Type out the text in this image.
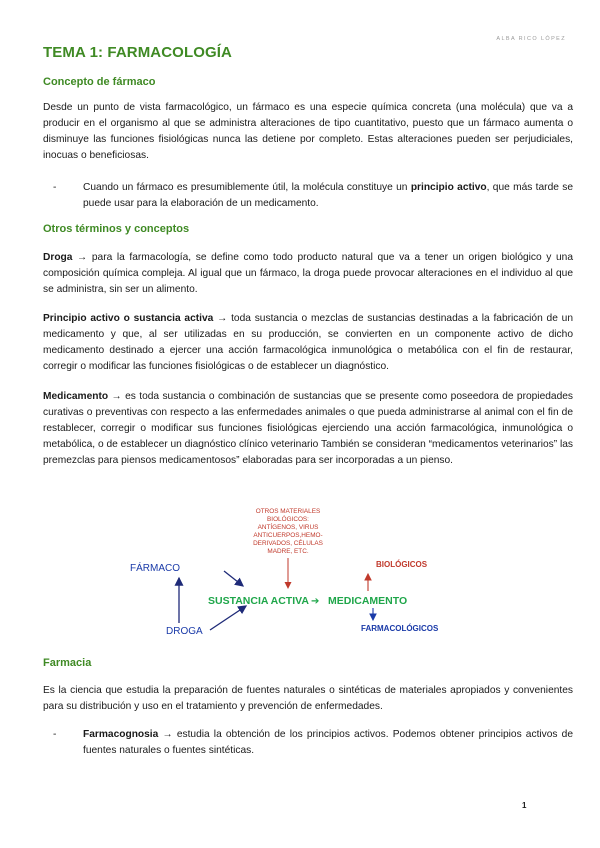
ALBA RICO LÓPEZ
TEMA 1: FARMACOLOGÍA
Concepto de fármaco

Desde un punto de vista farmacológico, un fármaco es una especie química concreta (una molécula) que va a producir en el organismo al que se administra alteraciones de tipo cuantitativo, puesto que un fármaco aumenta o disminuye las funciones fisiológicas nunca las detiene por completo. Estas alteraciones pueden ser perjudiciales, inocuas o beneficiosas.

-	Cuando un fármaco es presumiblemente útil, la molécula constituye un principio activo, que más tarde se puede usar para la elaboración de un medicamento.
Otros términos y conceptos

Droga → para la farmacología, se define como todo producto natural que va a tener un origen biológico y una composición química compleja. Al igual que un fármaco, la droga puede provocar alteraciones en el individuo al que se administra, sin ser un alimento.

Principio activo o sustancia activa → toda sustancia o mezclas de sustancias destinadas a la fabricación de un medicamento y que, al ser utilizadas en su producción, se convierten en un componente activo de dicho medicamento destinado a ejercer una acción farmacológica inmunológica o metabólica con el fin de restaurar, corregir o modificar las funciones fisiológicas o de establecer un diagnóstico.

Medicamento → es toda sustancia o combinación de sustancias que se presente como poseedora de propiedades curativas o preventivas con respecto a las enfermedades animales o que pueda administrarse al animal con el fin de restablecer, corregir o modificar sus funciones fisiológicas ejerciendo una acción farmacológica, inmunológica o metabólica, o de establecer un diagnóstico clínico veterinario También se consideran “medicamentos veterinarios” las premezclas para piensos medicamentosos” elaboradas para ser incorporadas a un pienso.

Farmacia

Es la ciencia que estudia la preparación de fuentes naturales o sintéticas de materiales apropiados y convenientes para su distribución y uso en el tratamiento y prevención de enfermedades.

-	Farmacognosia → estudia la obtención de los principios activos. Podemos obtener principios activos de fuentes naturales o fuentes sintéticas.
OTROS MATERIALES
BIOLÓGICOS:
ANTÍGENOS, VIRUS
ANTICUERPOS,HEMO-
DERIVADOS, CÉLULAS
MADRE, ETC.
FÁRMACO
DROGA
SUSTANCIA ACTIVA ➔ MEDICAMENTO
BIOLÓGICOS
FARMACOLÓGICOS
1
